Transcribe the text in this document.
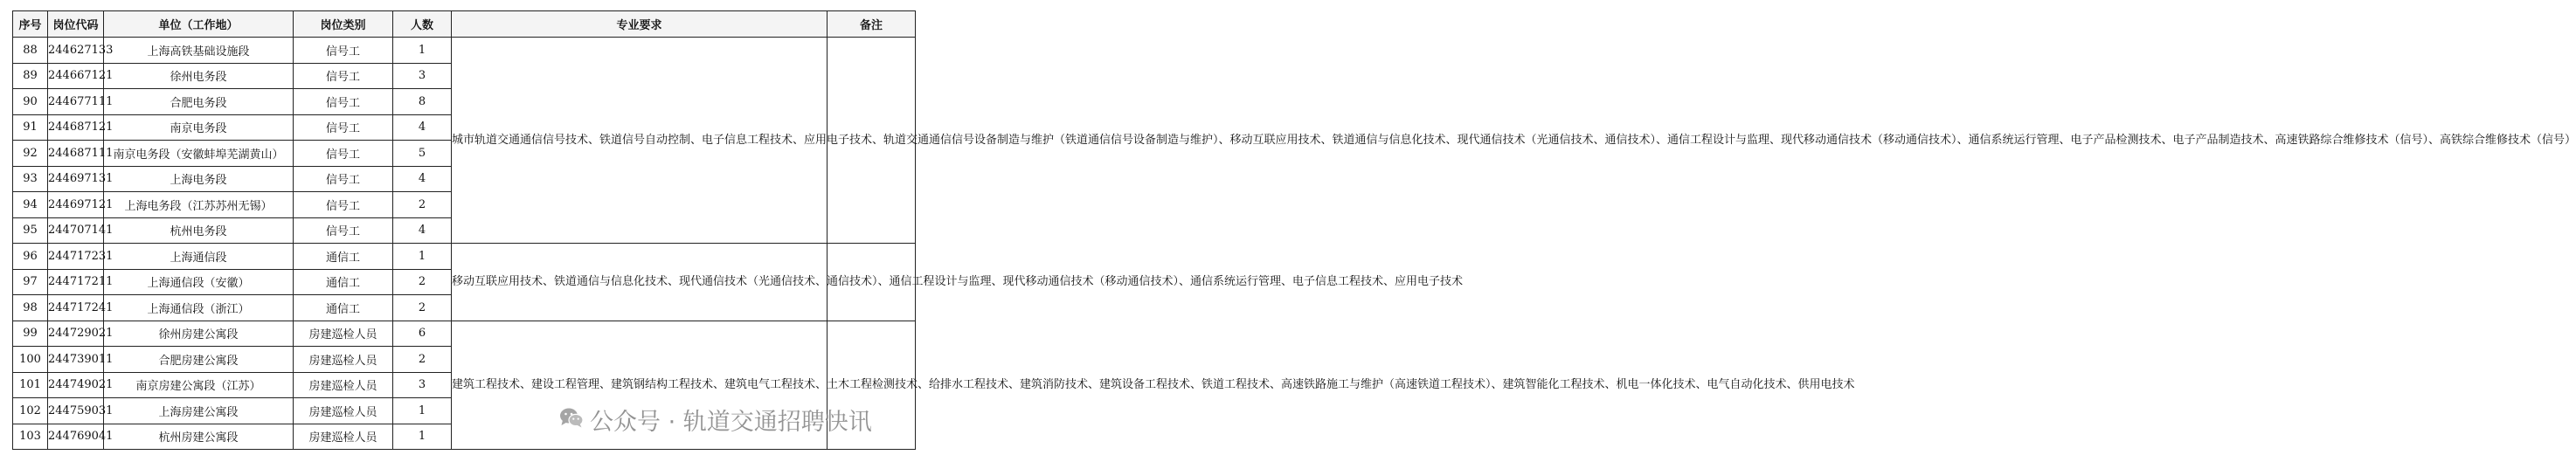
序号	岗位代码	单位（工作地）	岗位类别	人数	专业要求	备注
88	244627133	上海高铁基础设施段	信号工	1	城市轨道交通通信信号技术、铁道信号自动控制、电子信息工程技术、应用电子技术、轨道交通通信信号设备制造与维护（铁道通信信号设备制造与维护）、移动互联应用技术、铁道通信与信息化技术、现代通信技术（光通信技术、通信技术）、通信工程设计与监理、现代移动通信技术（移动通信技术）、通信系统运行管理、电子产品检测技术、电子产品制造技术、高速铁路综合维修技术（信号）、高铁综合维修技术（信号）	

89	244667121	徐州电务段	信号工	3		
90	244677111	合肥电务段	信号工	8		
91	244687121	南京电务段	信号工	4		
92	244687111	南京电务段（安徽蚌埠芜湖黄山）	信号工	5		
93	244697131	上海电务段	信号工	4		
94	244697121	上海电务段（江苏苏州无锡）	信号工	2		
95	244707141	杭州电务段	信号工	4		
96	244717231	上海通信段	通信工	1	移动互联应用技术、铁道通信与信息化技术、现代通信技术（光通信技术、通信技术）、通信工程设计与监理、现代移动通信技术（移动通信技术）、通信系统运行管理、电子信息工程技术、应用电子技术	

97	244717211	上海通信段（安徽）	通信工	2		
98	244717241	上海通信段（浙江）	通信工	2		
99	244729021	徐州房建公寓段	房建巡检人员	6	建筑工程技术、建设工程管理、建筑钢结构工程技术、建筑电气工程技术、土木工程检测技术、给排水工程技术、建筑消防技术、建筑设备工程技术、铁道工程技术、高速铁路施工与维护（高速铁道工程技术）、建筑智能化工程技术、机电一体化技术、电气自动化技术、供用电技术	

100	244739011	合肥房建公寓段	房建巡检人员	2		
101	244749021	南京房建公寓段（江苏）	房建巡检人员	3		
102	244759031	上海房建公寓段	房建巡检人员	1		
103	244769041	杭州房建公寓段	房建巡检人员	1		
公众号 · 轨道交通招聘快讯
